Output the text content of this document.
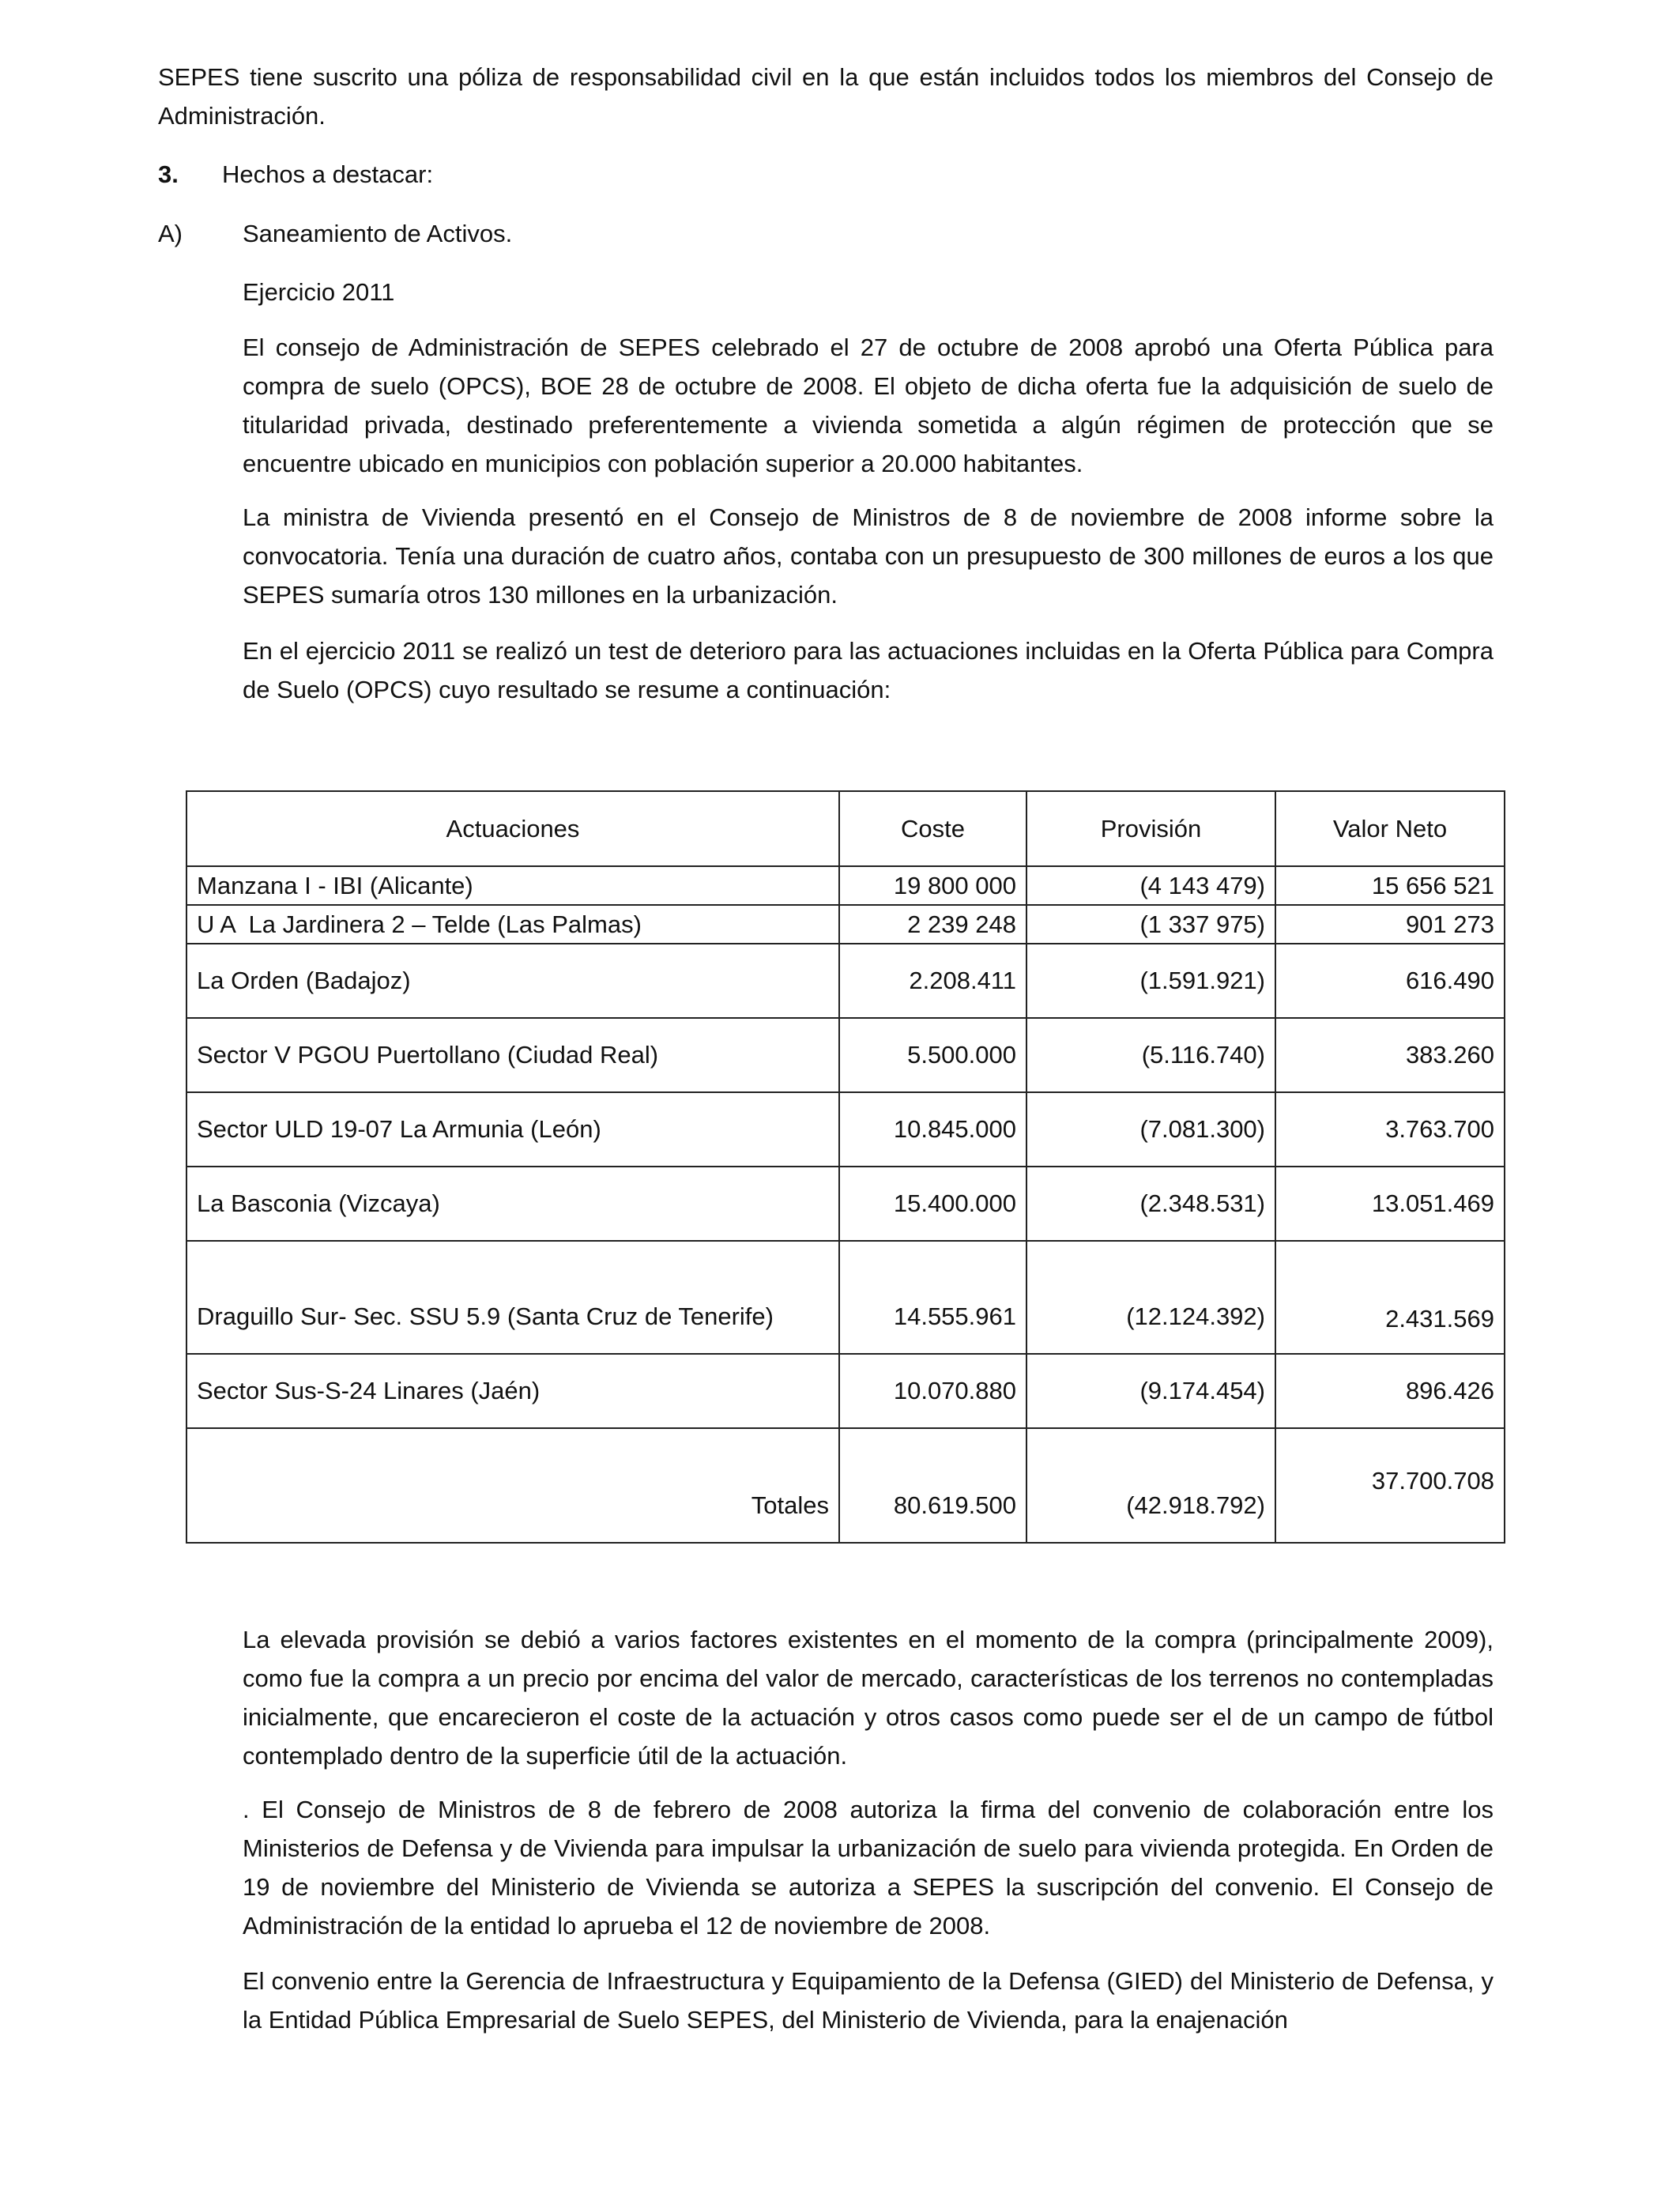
SEPES tiene suscrito una póliza de responsabilidad civil en la que están incluidos todos los miembros del Consejo de Administración.

3. Hechos a destacar:
A) Saneamiento de Activos.

Ejercicio 2011

El consejo de Administración de SEPES celebrado el 27 de octubre de 2008 aprobó una Oferta Pública para compra de suelo (OPCS), BOE 28 de octubre de 2008. El objeto de dicha oferta fue la adquisición de suelo de titularidad privada, destinado preferentemente a vivienda sometida a algún régimen de protección que se encuentre ubicado en municipios con población superior a 20.000 habitantes.

La ministra de Vivienda presentó en el Consejo de Ministros de 8 de noviembre de 2008 informe sobre la convocatoria. Tenía una duración de cuatro años, contaba con un presupuesto de 300 millones de euros a los que SEPES sumaría otros 130 millones en la urbanización.

En el ejercicio 2011 se realizó un test de deterioro para las actuaciones incluidas en la Oferta Pública para Compra de Suelo (OPCS) cuyo resultado se resume a continuación:

Actuaciones	Coste	Provisión	Valor Neto
Manzana I - IBI (Alicante)	19 800 000	(4 143 479)	15 656 521
U A  La Jardinera 2 – Telde (Las Palmas)	2 239 248	(1 337 975)	901 273
La Orden (Badajoz)	2.208.411	(1.591.921)	616.490
Sector V PGOU Puertollano (Ciudad Real)	5.500.000	(5.116.740)	383.260
Sector ULD 19-07 La Armunia (León)	10.845.000	(7.081.300)	3.763.700
La Basconia (Vizcaya)	15.400.000	(2.348.531)	13.051.469
Draguillo Sur- Sec. SSU 5.9 (Santa Cruz de Tenerife)	14.555.961	(12.124.392)	2.431.569
Sector Sus-S-24 Linares (Jaén)	10.070.880	(9.174.454)	896.426
Totales	80.619.500	(42.918.792)	37.700.708

La elevada provisión se debió a varios factores existentes en el momento de la compra (principalmente 2009), como fue la compra a un precio por encima del valor de mercado, características de los terrenos no contempladas inicialmente, que encarecieron el coste de la actuación y otros casos como puede ser el de un campo de fútbol contemplado dentro de la superficie útil de la actuación.

. El Consejo de Ministros de 8 de febrero de 2008 autoriza la firma del convenio de colaboración entre los Ministerios de Defensa y de Vivienda para impulsar la urbanización de suelo para vivienda protegida. En Orden de 19 de noviembre del Ministerio de Vivienda se autoriza a SEPES la suscripción del convenio. El Consejo de Administración de la entidad lo aprueba el 12 de noviembre de 2008.

El convenio entre la Gerencia de Infraestructura y Equipamiento de la Defensa (GIED) del Ministerio de Defensa, y la Entidad Pública Empresarial de Suelo SEPES, del Ministerio de Vivienda, para la enajenación
